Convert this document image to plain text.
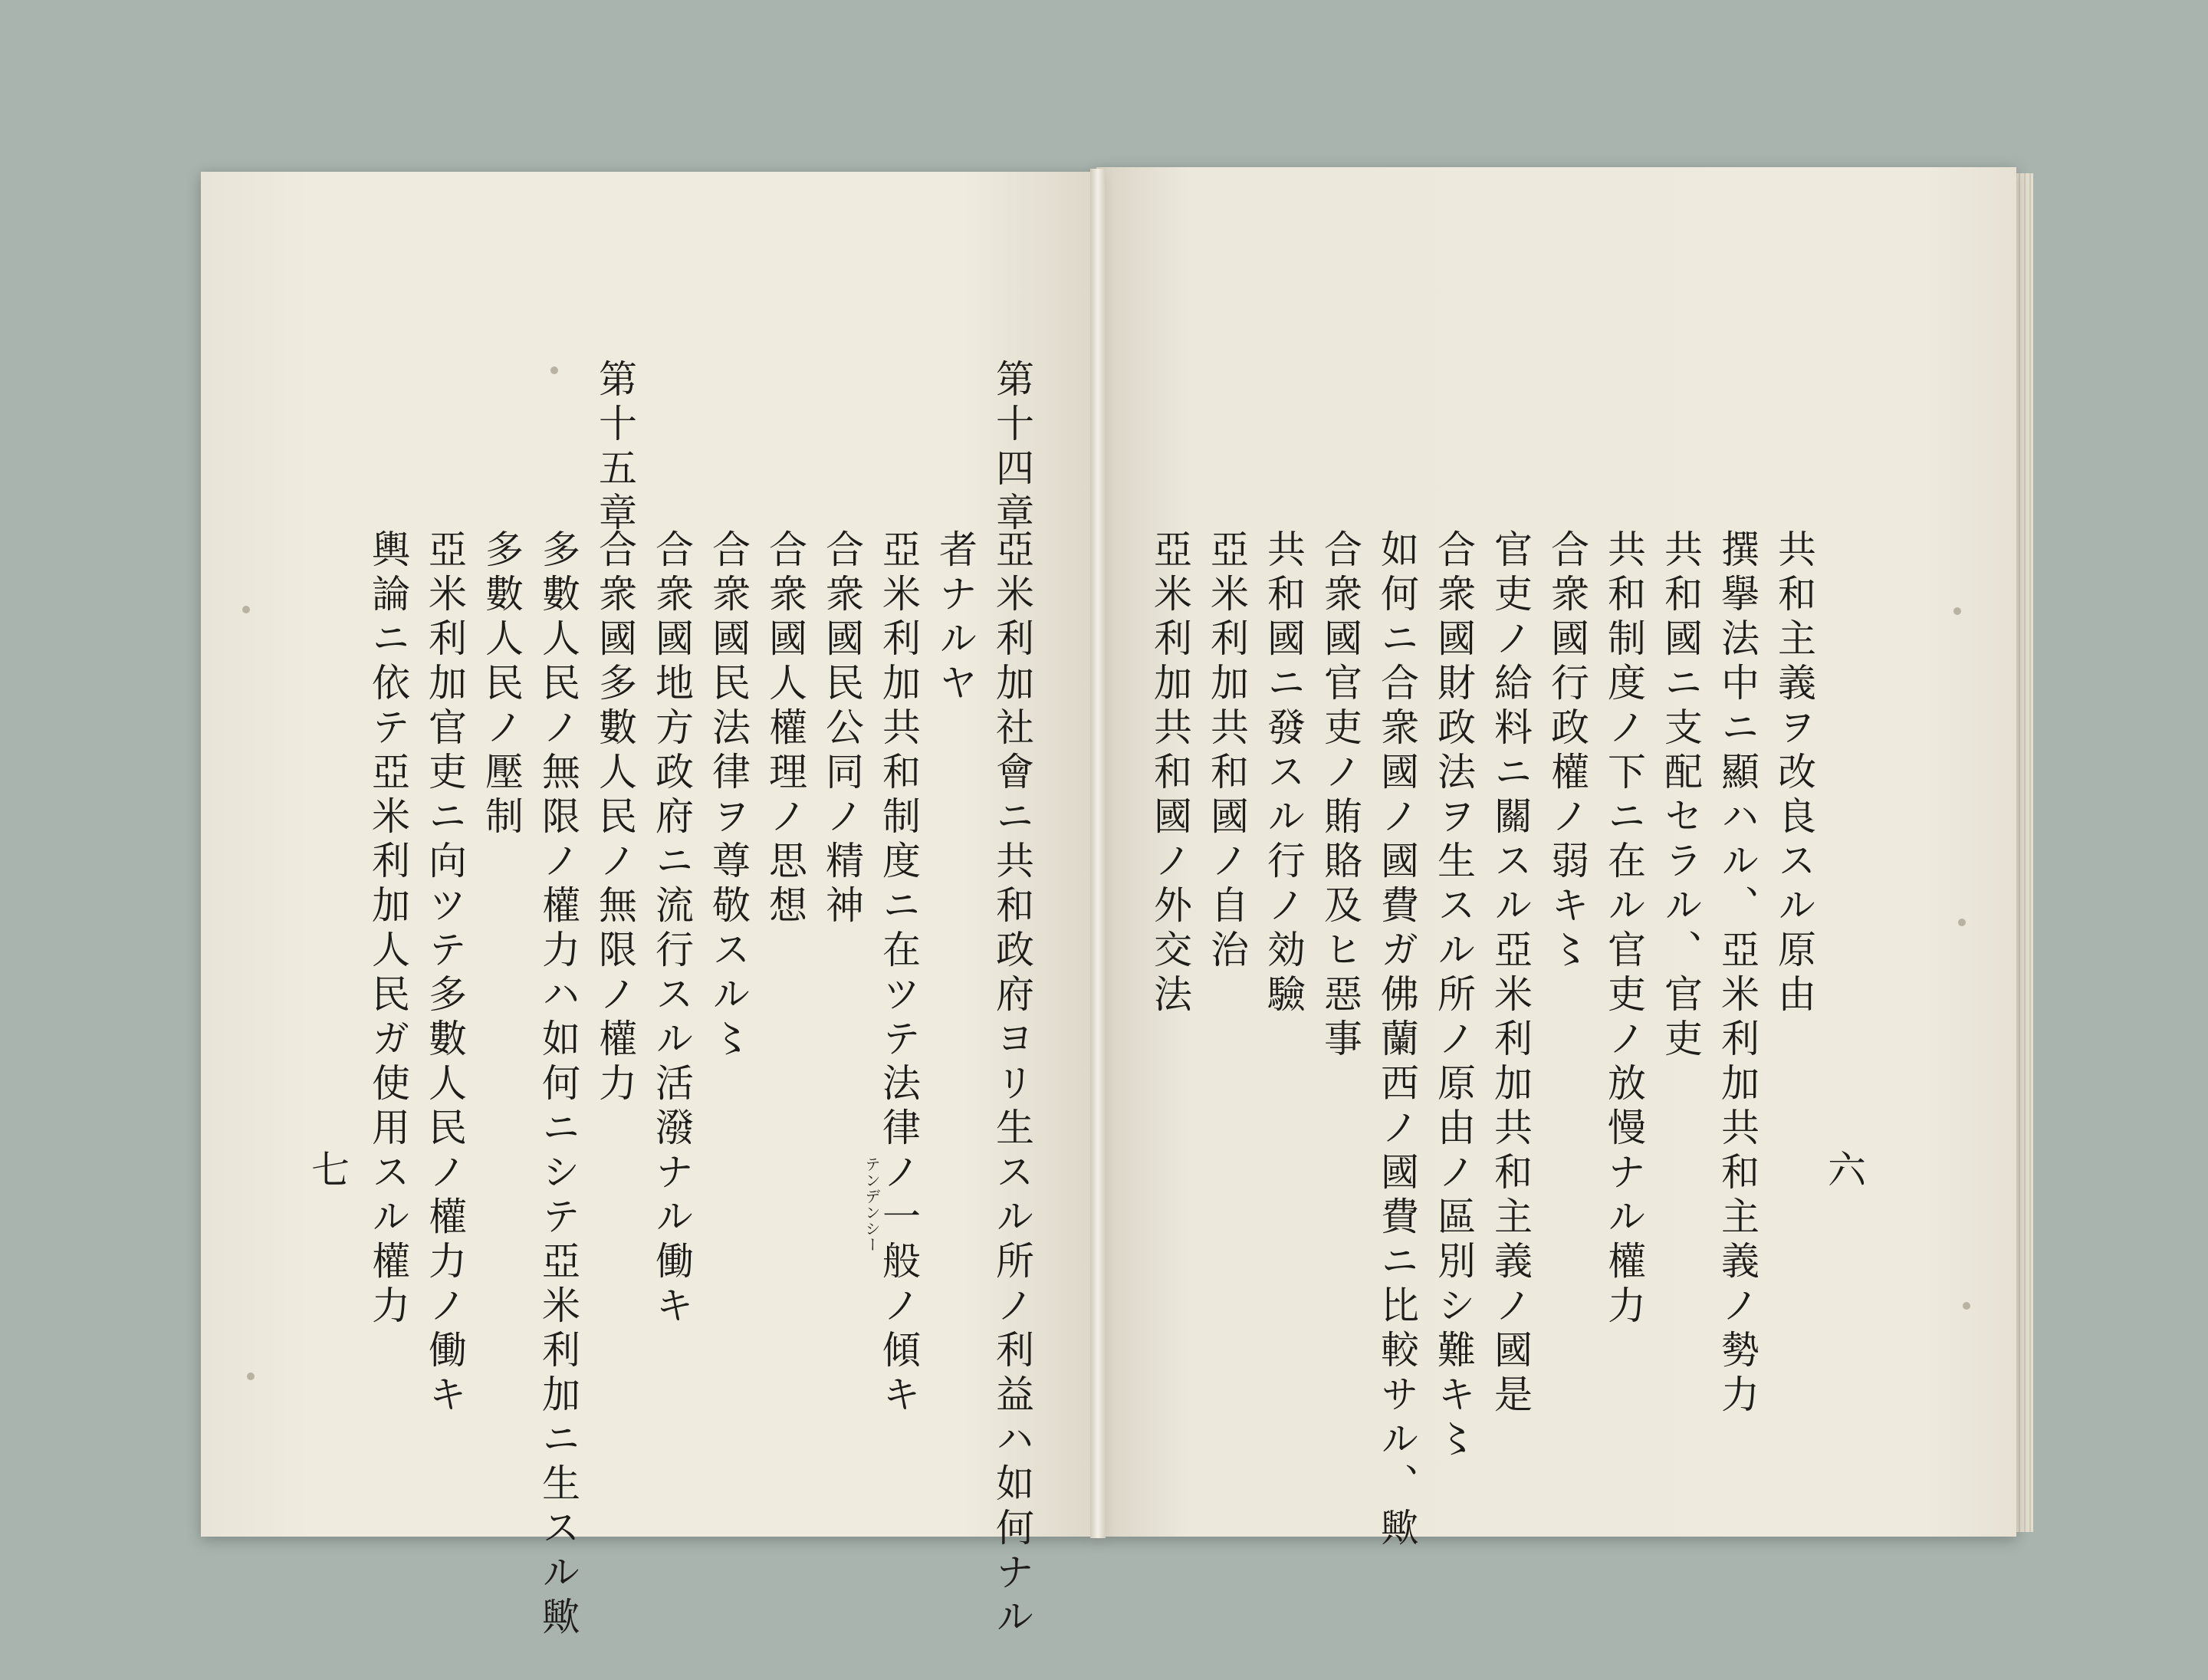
共和主義ヲ改良スル原由
撰擧法中ニ顯ハル、亞米利加共和主義ノ勢力
共和國ニ支配セラル、官吏
共和制度ノ下ニ在ル官吏ノ放慢ナル權力
合衆國行政權ノ弱キ〻
官吏ノ給料ニ關スル亞米利加共和主義ノ國是
合衆國財政法ヲ生スル所ノ原由ノ區別シ難キ〻
如何ニ合衆國ノ國費ガ佛蘭西ノ國費ニ比較サル、歟
合衆國官吏ノ賄賂及ヒ惡事
共和國ニ發スル行ノ効驗
亞米利加共和國ノ自治
亞米利加共和國ノ外交法
六
第十四章
亞米利加社會ニ共和政府ヨリ生スル所ノ利益ハ如何ナル
者ナルヤ
亞米利加共和制度ニ在ツテ法律ノ一般ノ傾キ
テンデンシー
合衆國民公同ノ精神
合衆國人權理ノ思想
合衆國民法律ヲ尊敬スル〻
合衆國地方政府ニ流行スル活潑ナル働キ
第十五章
合衆國多數人民ノ無限ノ權力
多數人民ノ無限ノ權力ハ如何ニシテ亞米利加ニ生スル歟
多數人民ノ壓制
亞米利加官吏ニ向ツテ多數人民ノ權力ノ働キ
輿論ニ依テ亞米利加人民ガ使用スル權力
七
